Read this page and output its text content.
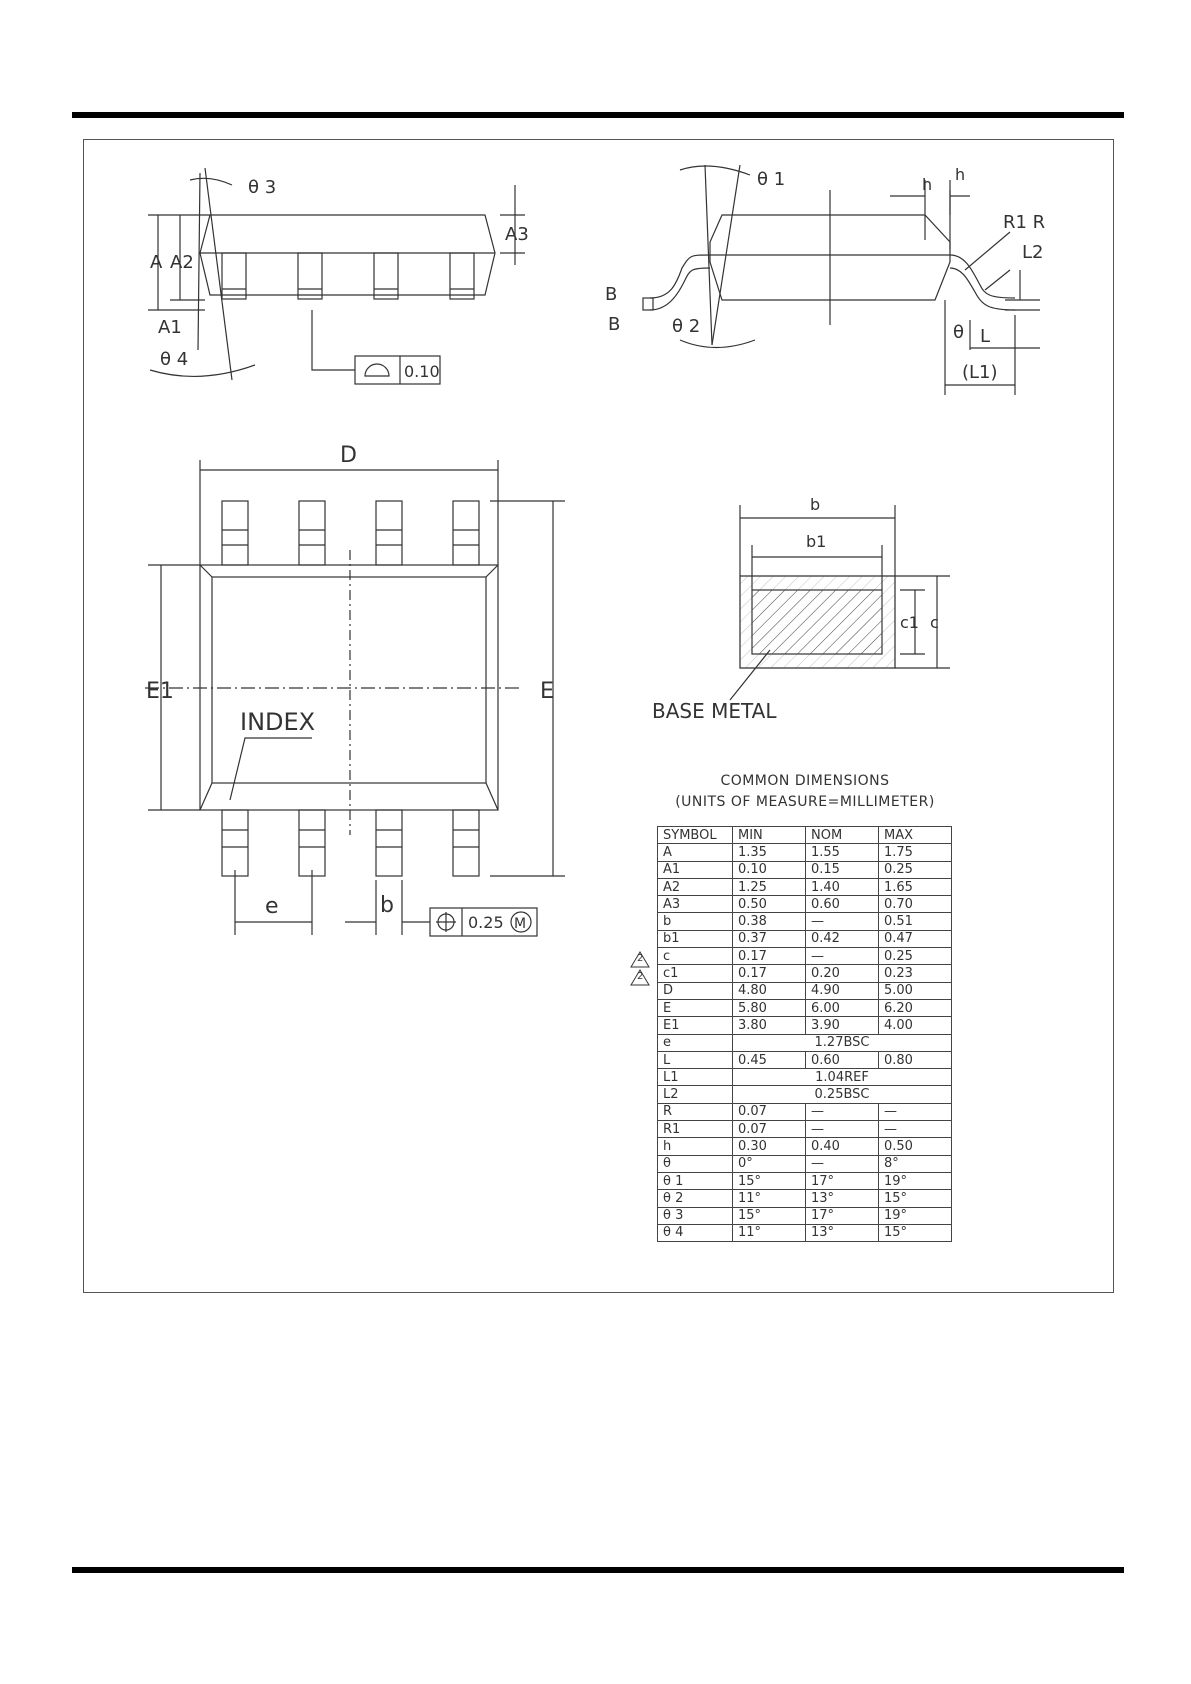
θ 3
A A2
A3
A1
θ 4
0.10
θ 1
B
B	θ 2
h
h
R1 R
L2
θ L
(L1)
D
E
E1
INDEX
e	b
0.25 M
b
b1
c1 c
BASE METAL
COMMON DIMENSIONS
(UNITS OF MEASURE=MILLIMETER)
2
2
SYMBOL	MIN	NOM	MAX
A	1.35	1.55	1.75
A1	0.10	0.15	0.25
A2	1.25	1.40	1.65
A3	0.50	0.60	0.70
b	0.38	—	0.51
b1	0.37	0.42	0.47
c	0.17	—	0.25
c1	0.17	0.20	0.23
D	4.80	4.90	5.00
E	5.80	6.00	6.20
E1	3.80	3.90	4.00
e	1.27BSC		
L	0.45	0.60	0.80
L1	1.04REF		
L2	0.25BSC		
R	0.07	—	—
R1	0.07	—	—
h	0.30	0.40	0.50
θ	0°	—	8°
θ 1	15°	17°	19°
θ 2	11°	13°	15°
θ 3	15°	17°	19°
θ 4	11°	13°	15°
